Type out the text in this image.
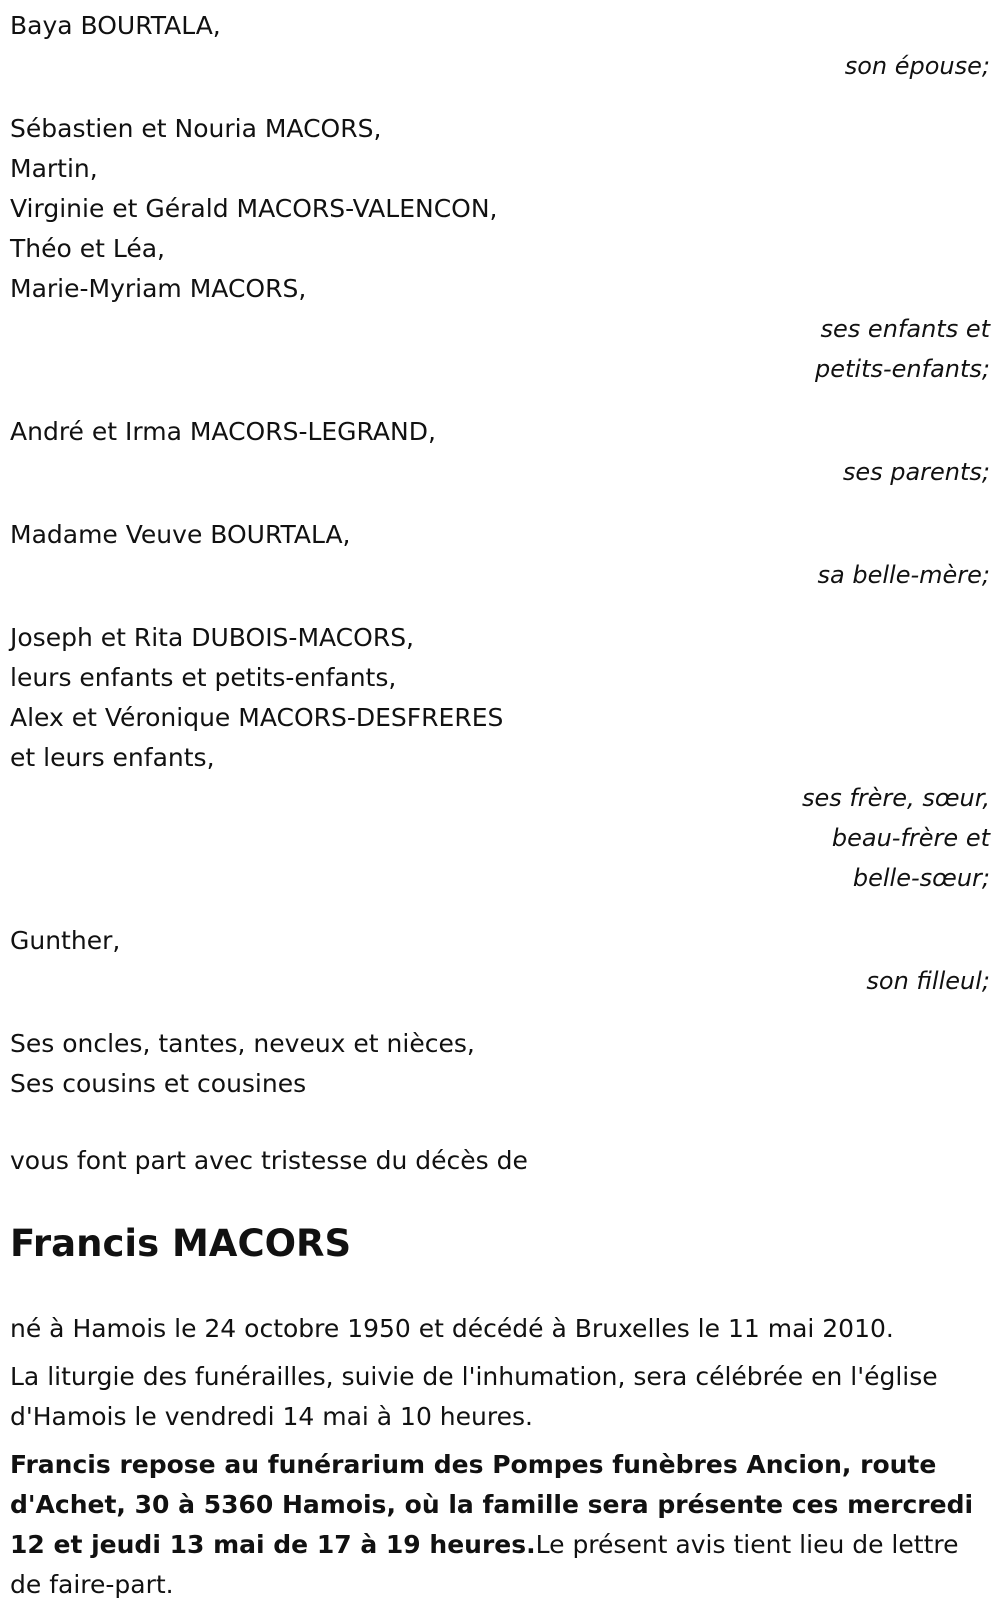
Baya BOURTALA,
son épouse;
Sébastien et Nouria MACORS,
Martin,
Virginie et Gérald MACORS-VALENCON,
Théo et Léa,
Marie-Myriam MACORS,
ses enfants et
petits-enfants;
André et Irma MACORS-LEGRAND,
ses parents;
Madame Veuve BOURTALA,
sa belle-mère;
Joseph et Rita DUBOIS-MACORS,
leurs enfants et petits-enfants,
Alex et Véronique MACORS-DESFRERES
et leurs enfants,
ses frère, sœur,
beau-frère et
belle-sœur;
Gunther,
son filleul;
Ses oncles, tantes, neveux et nièces,
Ses cousins et cousines
vous font part avec tristesse du décès de
Francis MACORS
né à Hamois le 24 octobre 1950 et décédé à Bruxelles le 11 mai 2010.
La liturgie des funérailles, suivie de l'inhumation, sera célébrée en l'église d'Hamois le vendredi 14 mai à 10 heures.
Francis repose au funérarium des Pompes funèbres Ancion, route d'Achet, 30 à 5360 Hamois, où la famille sera présente ces mercredi 12 et jeudi 13 mai de 17 à 19 heures.Le présent avis tient lieu de lettre de faire-part.
